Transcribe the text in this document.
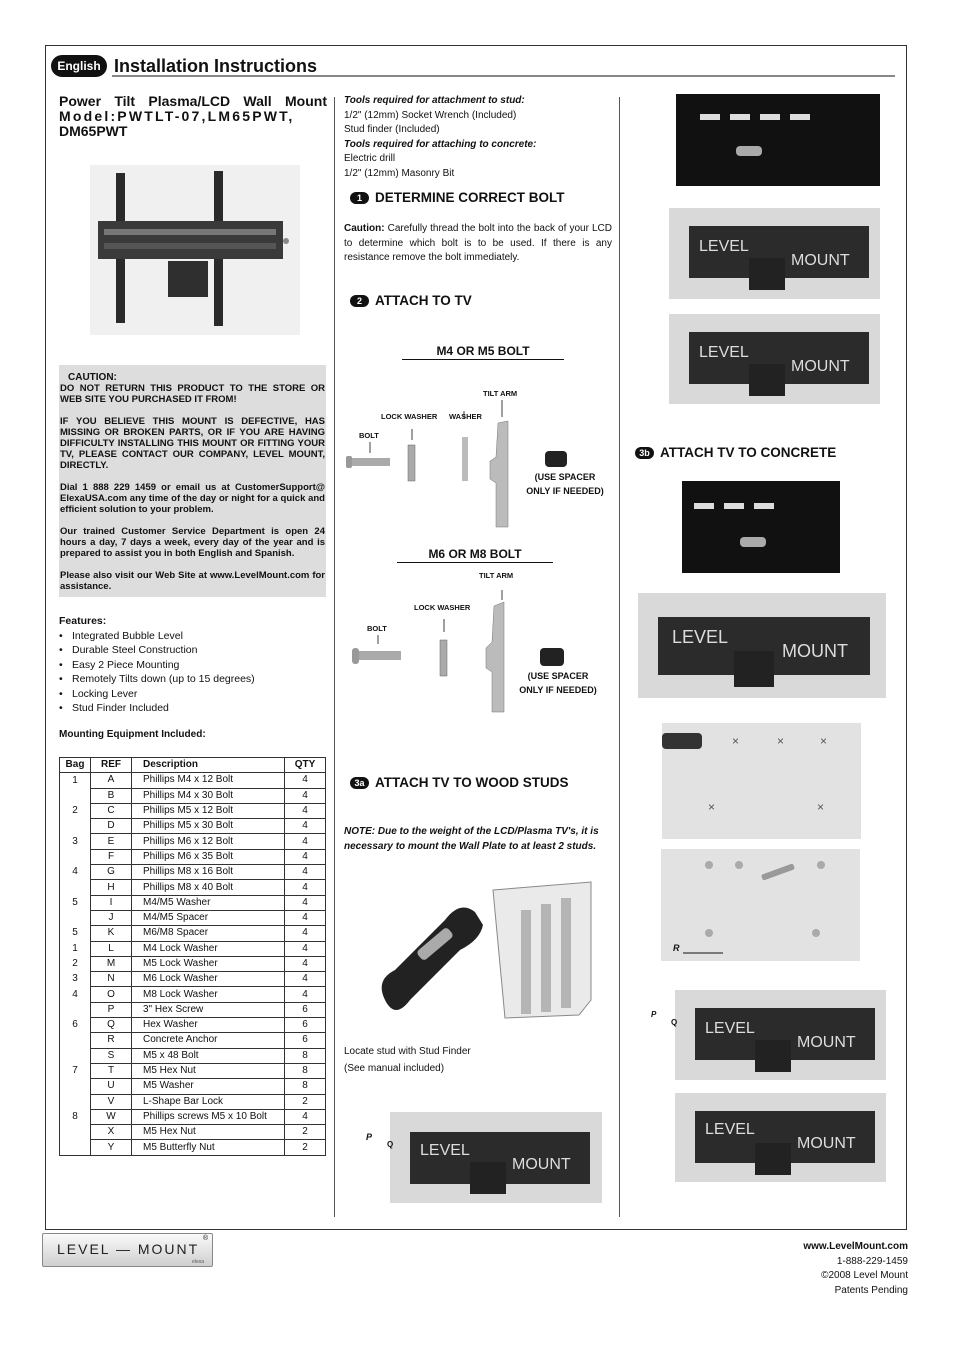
English Installation Instructions
Power Tilt Plasma/LCD Wall Mount
Model:PWTLT-07,LM65PWT,
DM65PWT

CAUTION:

DO NOT RETURN THIS PRODUCT TO THE STORE OR WEB SITE YOU PURCHASED IT FROM!

IF YOU BELIEVE THIS MOUNT IS DEFECTIVE, HAS MISSING OR BROKEN PARTS, OR IF YOU ARE HAVING DIFFICULTY INSTALLING THIS MOUNT OR FITTING YOUR TV, PLEASE CONTACT OUR COMPANY, LEVEL MOUNT, DIRECTLY.

Dial 1 888 229 1459 or email us at CustomerSupport@ ElexaUSA.com any time of the day or night for a quick and efficient solution to your problem.

Our trained Customer Service Department is open 24 hours a day, 7 days a week, every day of the year and is prepared to assist you in both English and Spanish.

Please also visit our Web Site at www.LevelMount.com for assistance.

Features:
• Integrated Bubble Level
• Durable Steel Construction
• Easy 2 Piece Mounting
• Remotely Tilts down (up to 15 degrees)
• Locking Lever
• Stud Finder Included
Mounting Equipment Included:
Bag	REF	Description	QTY
1	A	Phillips M4 x 12 Bolt	4
	B	Phillips M4 x 30 Bolt	4
2	C	Phillips M5 x 12 Bolt	4
	D	Phillips M5 x 30 Bolt	4
3	E	Phillips M6 x 12 Bolt	4
	F	Phillips M6 x 35 Bolt	4
4	G	Phillips M8 x 16 Bolt	4
	H	Phillips M8 x 40 Bolt	4
5	I	M4/M5 Washer	4
	J	M4/M5 Spacer	4
5	K	M6/M8 Spacer	4
1	L	M4 Lock Washer	4
2	M	M5 Lock Washer	4
3	N	M6 Lock Washer	4
4	O	M8 Lock Washer	4
	P	3" Hex Screw	6
6	Q	Hex Washer	6
	R	Concrete Anchor	6
	S	M5 x 48 Bolt	8
7	T	M5 Hex Nut	8
	U	M5 Washer	8
	V	L-Shape Bar Lock	2
8	W	Phillips screws M5 x 10 Bolt	4
	X	M5 Hex Nut	2
	Y	M5 Butterfly Nut	2
Tools required for attachment to stud:
1/2" (12mm) Socket Wrench (Included)
Stud finder (Included)
Tools required for attaching to concrete:
Electric drill
1/2" (12mm) Masonry Bit
1 DETERMINE CORRECT BOLT
Caution: Carefully thread the bolt into the back of your LCD to determine which bolt is to be used. If there is any resistance remove the bolt immediately.
2 ATTACH TO TV
M4 OR M5 BOLT
TILT ARM
LOCK WASHER WASHER
BOLT
(USE SPACER
ONLY IF NEEDED)
M6 OR M8 BOLT
TILT ARM
LOCK WASHER
BOLT
(USE SPACER
ONLY IF NEEDED)
3a ATTACH TV TO WOOD STUDS
NOTE: Due to the weight of the LCD/Plasma TV's, it is necessary to mount the Wall Plate to at least 2 studs.
Locate stud with Stud Finder
(See manual included)
LEVEL
MOUNT
P
Q
LEVEL
MOUNT
LEVEL
MOUNT
3b ATTACH TV TO CONCRETE
LEVEL
MOUNT
×	×	×
×	×
R
LEVEL
MOUNT
P
Q
LEVEL
MOUNT
LEVEL — MOUNT
®
elexa
www.LevelMount.com
1-888-229-1459
©2008 Level Mount
Patents Pending
